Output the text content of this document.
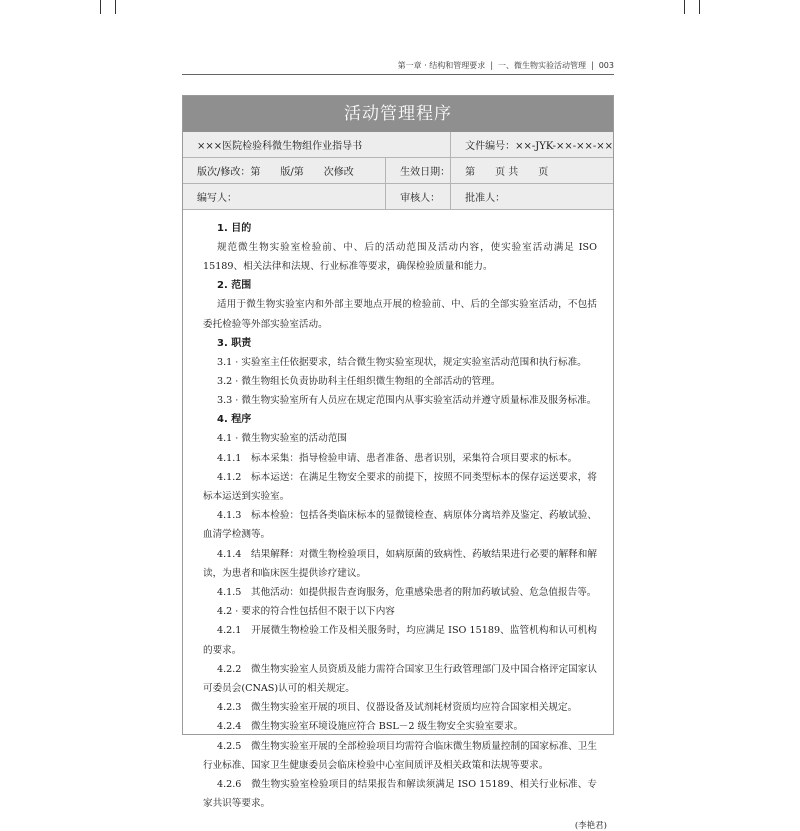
第一章 · 结构和管理要求 | 一、微生物实验活动管理 | 003
活动管理程序
×××医院检验科微生物组作业指导书		文件编号：××-JYK-××-××-××
版次/修改：第　　版/第　　次修改	生效日期：	第　　页 共　　页
编写人：	审核人：	批准人：
1. 目的

规范微生物实验室检验前、中、后的活动范围及活动内容，使实验室活动满足 ISO 15189、相关法律和法规、行业标准等要求，确保检验质量和能力。

2. 范围

适用于微生物实验室内和外部主要地点开展的检验前、中、后的全部实验室活动，不包括委托检验等外部实验室活动。

3. 职责

3.1 · 实验室主任依据要求，结合微生物实验室现状，规定实验室活动范围和执行标准。

3.2 · 微生物组长负责协助科主任组织微生物组的全部活动的管理。

3.3 · 微生物实验室所有人员应在规定范围内从事实验室活动并遵守质量标准及服务标准。

4. 程序

4.1 · 微生物实验室的活动范围

4.1.1　标本采集：指导检验申请、患者准备、患者识别，采集符合项目要求的标本。

4.1.2　标本运送：在满足生物安全要求的前提下，按照不同类型标本的保存运送要求，将标本运送到实验室。

4.1.3　标本检验：包括各类临床标本的显微镜检查、病原体分离培养及鉴定、药敏试验、血清学检测等。

4.1.4　结果解释：对微生物检验项目，如病原菌的致病性、药敏结果进行必要的解释和解读，为患者和临床医生提供诊疗建议。

4.1.5　其他活动：如提供报告查询服务，危重感染患者的附加药敏试验、危急值报告等。

4.2 · 要求的符合性包括但不限于以下内容

4.2.1　开展微生物检验工作及相关服务时，均应满足 ISO 15189、监管机构和认可机构的要求。

4.2.2　微生物实验室人员资质及能力需符合国家卫生行政管理部门及中国合格评定国家认可委员会(CNAS)认可的相关规定。

4.2.3　微生物实验室开展的项目、仪器设备及试剂耗材资质均应符合国家相关规定。

4.2.4　微生物实验室环境设施应符合 BSL－2 级生物安全实验室要求。

4.2.5　微生物实验室开展的全部检验项目均需符合临床微生物质量控制的国家标准、卫生行业标准、国家卫生健康委员会临床检验中心室间质评及相关政策和法规等要求。

4.2.6　微生物实验室检验项目的结果报告和解读须满足 ISO 15189、相关行业标准、专家共识等要求。

(李艳君)
